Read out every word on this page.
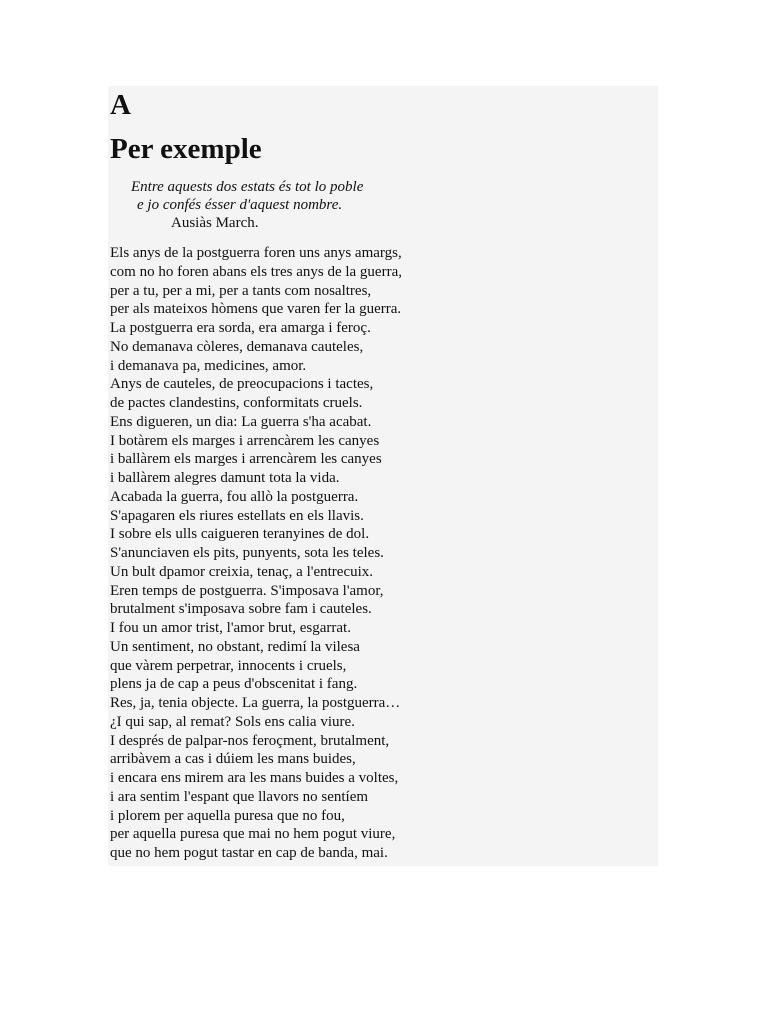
A
Per exemple
Entre aquests dos estats és tot lo poble
e jo confés ésser d'aquest nombre.
Ausiàs March.
Els anys de la postguerra foren uns anys amargs,
com no ho foren abans els tres anys de la guerra,
per a tu, per a mi, per a tants com nosaltres,
per als mateixos hòmens que varen fer la guerra.
La postguerra era sorda, era amarga i feroç.
No demanava còleres, demanava cauteles,
i demanava pa, medicines, amor.
Anys de cauteles, de preocupacions i tactes,
de pactes clandestins, conformitats cruels.
Ens digueren, un dia: La guerra s'ha acabat.
I botàrem els marges i arrencàrem les canyes
i ballàrem els marges i arrencàrem les canyes
i ballàrem alegres damunt tota la vida.
Acabada la guerra, fou allò la postguerra.
S'apagaren els riures estellats en els llavis.
I sobre els ulls caigueren teranyines de dol.
S'anunciaven els pits, punyents, sota les teles.
Un bult dpamor creixia, tenaç, a l'entrecuix.
Eren temps de postguerra. S'imposava l'amor,
brutalment s'imposava sobre fam i cauteles.
I fou un amor trist, l'amor brut, esgarrat.
Un sentiment, no obstant, redimí la vilesa
que vàrem perpetrar, innocents i cruels,
plens ja de cap a peus d'obscenitat i fang.
Res, ja, tenia objecte. La guerra, la postguerra…
¿I qui sap, al remat? Sols ens calia viure.
I després de palpar-nos feroçment, brutalment,
arribàvem a cas i dúiem les mans buides,
i encara ens mirem ara les mans buides a voltes,
i ara sentim l'espant que llavors no sentíem
i plorem per aquella puresa que no fou,
per aquella puresa que mai no hem pogut viure,
que no hem pogut tastar en cap de banda, mai.
